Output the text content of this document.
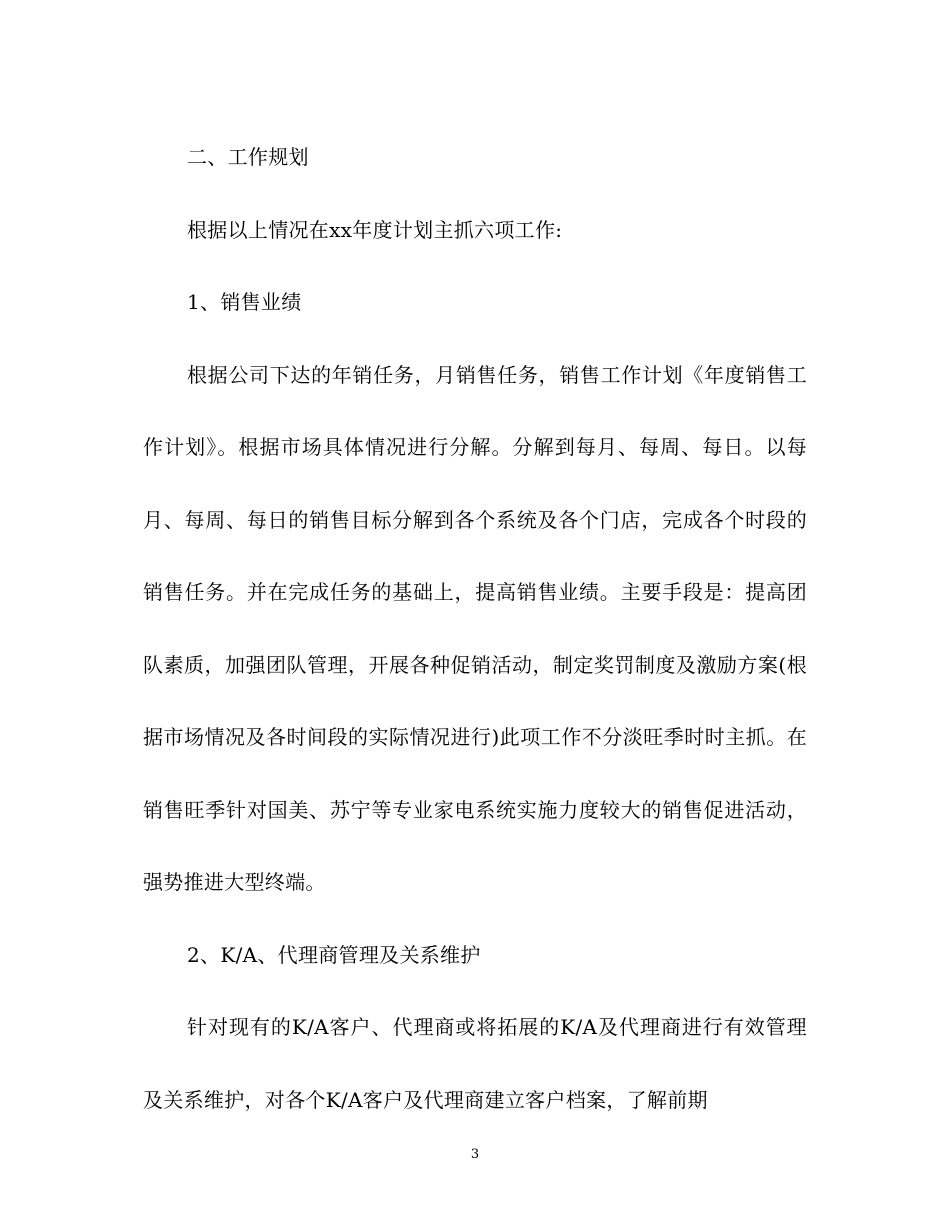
二、工作规划

根据以上情况在xx年度计划主抓六项工作:

1、销售业绩

根据公司下达的年销任务，月销售任务，销售工作计划《年度销售工作计划》。根据市场具体情况进行分解。分解到每月、每周、每日。以每月、每周、每日的销售目标分解到各个系统及各个门店，完成各个时段的销售任务。并在完成任务的基础上，提高销售业绩。主要手段是：提高团队素质，加强团队管理，开展各种促销活动，制定奖罚制度及激励方案(根据市场情况及各时间段的实际情况进行)此项工作不分淡旺季时时主抓。在销售旺季针对国美、苏宁等专业家电系统实施力度较大的销售促进活动，强势推进大型终端。

2、K/A、代理商管理及关系维护

针对现有的K/A客户、代理商或将拓展的K/A及代理商进行有效管理及关系维护，对各个K/A客户及代理商建立客户档案，了解前期

3
